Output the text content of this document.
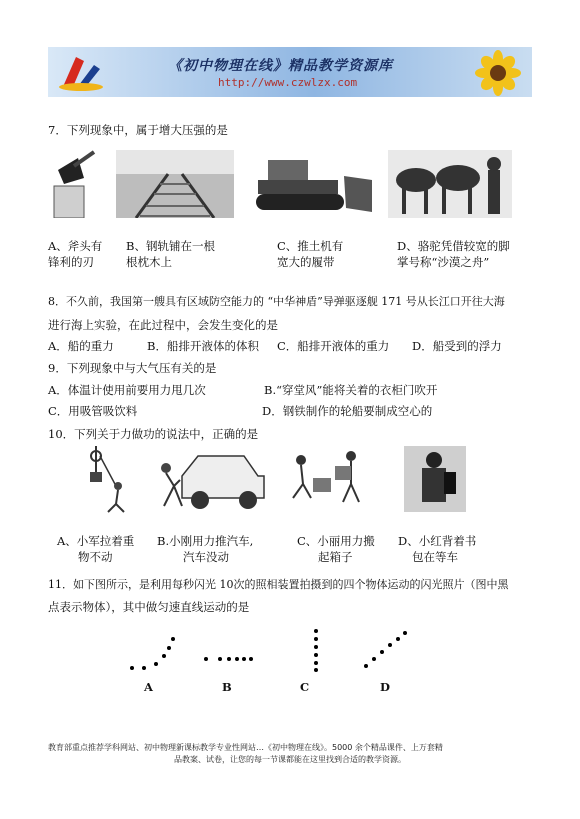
《初中物理在线》精品教学资源库
http://www.czwlzx.com
7．下列现象中，属于增大压强的是
A、斧头有
锋利的刃
B、钢轨铺在一根
根枕木上
C、推土机有
宽大的履带
D、骆驼凭借较宽的脚
掌号称“沙漠之舟”
8．不久前，我国第一艘具有区域防空能力的 “中华神盾”导弹驱逐舰 171 号从长江口开往大海
进行海上实验，在此过程中，会发生变化的是
A．船的重力	B．船排开液体的体积 C．船排开液体的重力 D．船受到的浮力
9．下列现象中与大气压有关的是
A．体温计使用前要用力甩几次	B.“穿堂风”能将关着的衣柜门吹开
C．用吸管吸饮料	D．钢铁制作的轮船要制成空心的
10．下列关于力做功的说法中，正确的是
A、小军拉着重
物不动
B.小刚用力推汽车,
汽车没动
C、小丽用力搬
起箱子
D、小红背着书
包在等车
11．如下图所示，是利用每秒闪光 10次的照相装置拍摄到的四个物体运动的闪光照片（图中黑
点表示物体），其中做匀速直线运动的是
A	B	C	D
教育部重点推荐学科网站、初中物理新课标教学专业性网站…《初中物理在线》。5000 余个精品课件、上万套精
品教案、试卷，让您的每一节课都能在这里找到合适的教学资源。
